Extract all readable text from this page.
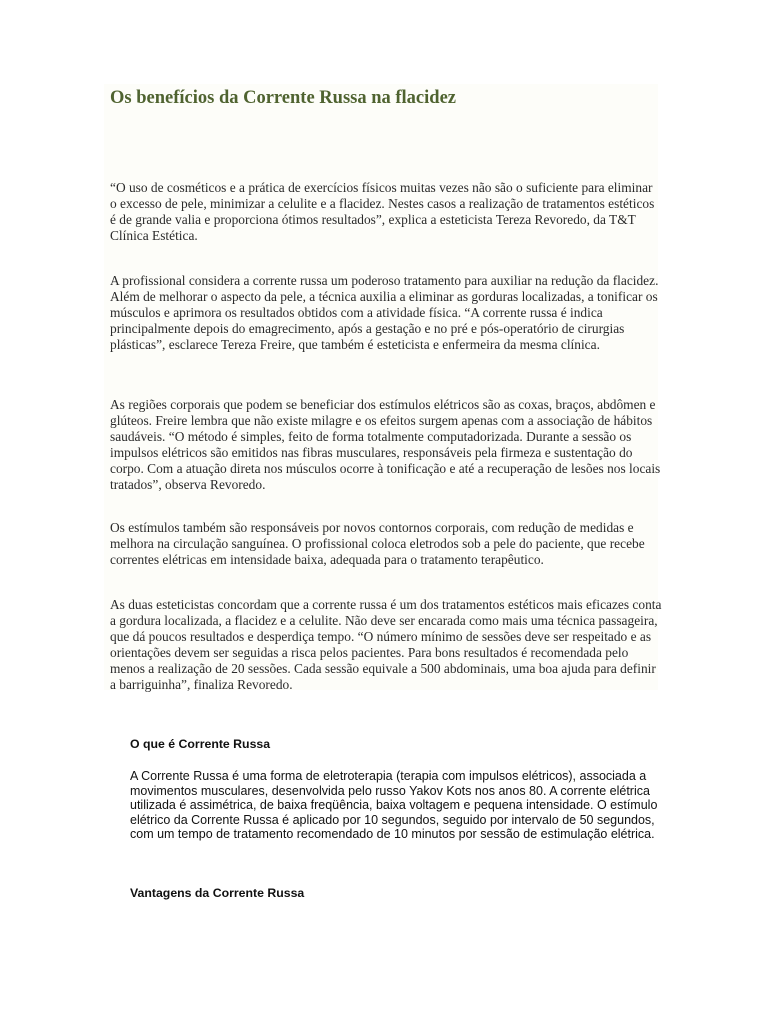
Os benefícios da Corrente Russa na flacidez

“O uso de cosméticos e a prática de exercícios físicos muitas vezes não são o suficiente para eliminar o excesso de pele, minimizar a celulite e a flacidez. Nestes casos a realização de tratamentos estéticos é de grande valia e proporciona ótimos resultados”, explica a esteticista Tereza Revoredo, da T&T Clínica Estética.

A profissional considera a corrente russa um poderoso tratamento para auxiliar na redução da flacidez. Além de melhorar o aspecto da pele, a técnica auxilia a eliminar as gorduras localizadas, a tonificar os músculos e aprimora os resultados obtidos com a atividade física. “A corrente russa é indica principalmente depois do emagrecimento, após a gestação e no pré e pós-operatório de cirurgias plásticas”, esclarece Tereza Freire, que também é esteticista e enfermeira da mesma clínica.

As regiões corporais que podem se beneficiar dos estímulos elétricos são as coxas, braços, abdômen e glúteos. Freire lembra que não existe milagre e os efeitos surgem apenas com a associação de hábitos saudáveis. “O método é simples, feito de forma totalmente computadorizada. Durante a sessão os impulsos elétricos são emitidos nas fibras musculares, responsáveis pela firmeza e sustentação do corpo. Com a atuação direta nos músculos ocorre à tonificação e até a recuperação de lesões nos locais tratados”, observa Revoredo.

Os estímulos também são responsáveis por novos contornos corporais, com redução de medidas e melhora na circulação sanguínea. O profissional coloca eletrodos sob a pele do paciente, que recebe correntes elétricas em intensidade baixa, adequada para o tratamento terapêutico.

As duas esteticistas concordam que a corrente russa é um dos tratamentos estéticos mais eficazes conta a gordura localizada, a flacidez e a celulite. Não deve ser encarada como mais uma técnica passageira, que dá poucos resultados e desperdiça tempo. “O número mínimo de sessões deve ser respeitado e as orientações devem ser seguidas a risca pelos pacientes. Para bons resultados é recomendada pelo menos a realização de 20 sessões. Cada sessão equivale a 500 abdominais, uma boa ajuda para definir a barriguinha”, finaliza Revoredo.

O que é Corrente Russa

A Corrente Russa é uma forma de eletroterapia (terapia com impulsos elétricos), associada a movimentos musculares, desenvolvida pelo russo Yakov Kots nos anos 80. A corrente elétrica utilizada é assimétrica, de baixa freqüência, baixa voltagem e pequena intensidade. O estímulo elétrico da Corrente Russa é aplicado por 10 segundos, seguido por intervalo de 50 segundos, com um tempo de tratamento recomendado de 10 minutos por sessão de estimulação elétrica.

Vantagens da Corrente Russa
